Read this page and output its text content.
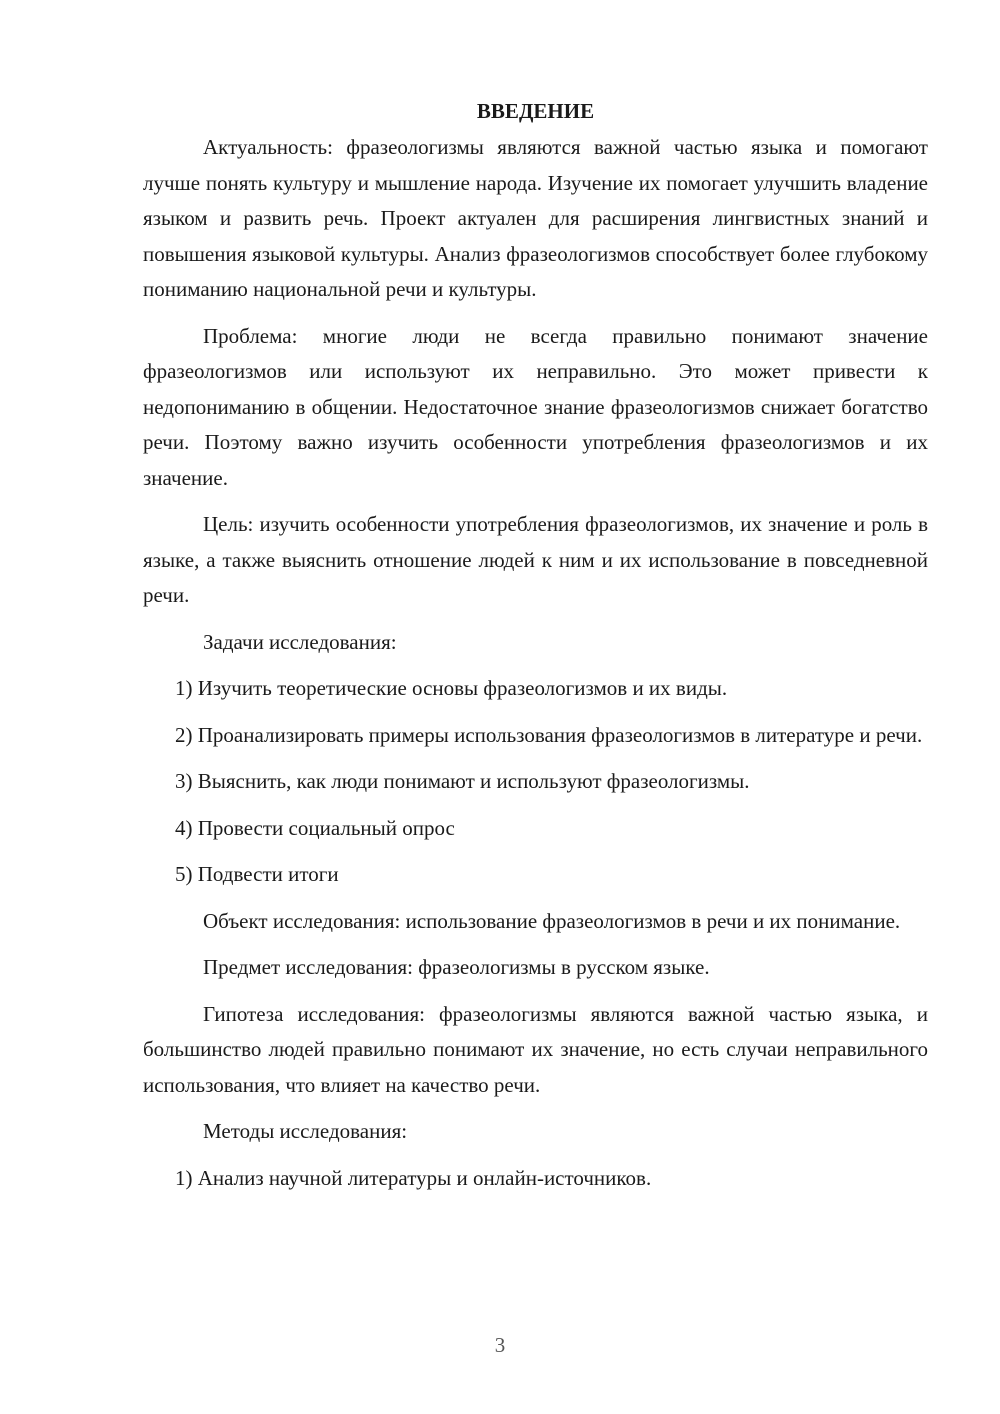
ВВЕДЕНИЕ

Актуальность: фразеологизмы являются важной частью языка и помогают лучше понять культуру и мышление народа. Изучение их помогает улучшить владение языком и развить речь. Проект актуален для расширения лингвистных знаний и повышения языковой культуры. Анализ фразеологизмов способствует более глубокому пониманию национальной речи и культуры.

Проблема: многие люди не всегда правильно понимают значение фразеологизмов или используют их неправильно. Это может привести к недопониманию в общении. Недостаточное знание фразеологизмов снижает богатство речи. Поэтому важно изучить особенности употребления фразеологизмов и их значение.

Цель: изучить особенности употребления фразеологизмов, их значение и роль в языке, а также выяснить отношение людей к ним и их использование в повседневной речи.

Задачи исследования:

1) Изучить теоретические основы фразеологизмов и их виды.

2) Проанализировать примеры использования фразеологизмов в литературе и речи.

3) Выяснить, как люди понимают и используют фразеологизмы.

4) Провести социальный опрос

5) Подвести итоги

Объект исследования: использование фразеологизмов в речи и их понимание.

Предмет исследования: фразеологизмы в русском языке.

Гипотеза исследования: фразеологизмы являются важной частью языка, и большинство людей правильно понимают их значение, но есть случаи неправильного использования, что влияет на качество речи.

Методы исследования:

1) Анализ научной литературы и онлайн-источников.

3
